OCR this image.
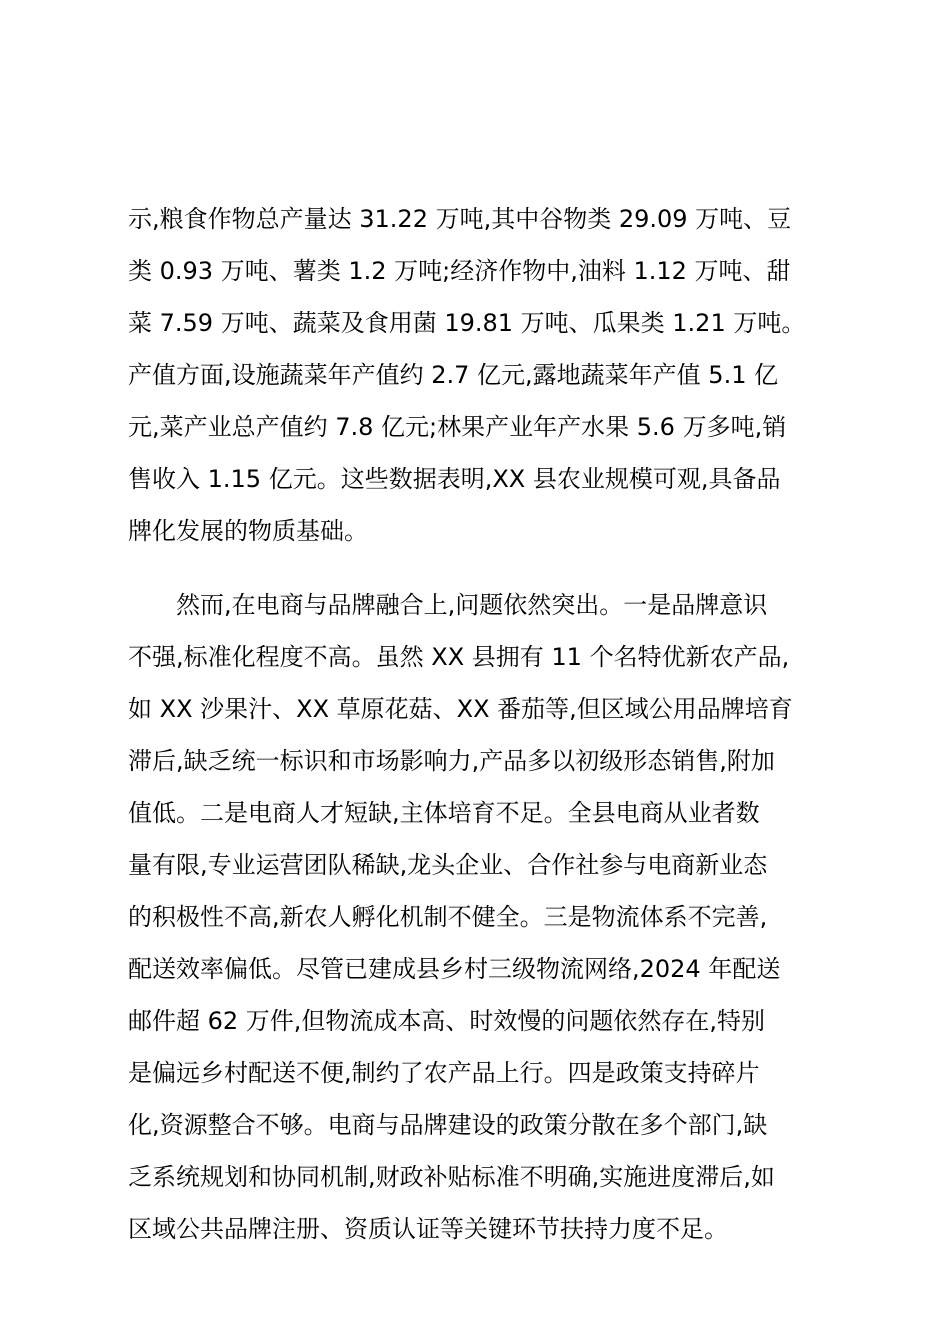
示,粮食作物总产量达 31.22 万吨,其中谷物类 29.09 万吨、豆
类 0.93 万吨、薯类 1.2 万吨;经济作物中,油料 1.12 万吨、甜
菜 7.59 万吨、蔬菜及食用菌 19.81 万吨、瓜果类 1.21 万吨。
产值方面,设施蔬菜年产值约 2.7 亿元,露地蔬菜年产值 5.1 亿
元,菜产业总产值约 7.8 亿元;林果产业年产水果 5.6 万多吨,销
售收入 1.15 亿元。这些数据表明,XX 县农业规模可观,具备品
牌化发展的物质基础。
　　然而,在电商与品牌融合上,问题依然突出。一是品牌意识
不强,标准化程度不高。虽然 XX 县拥有 11 个名特优新农产品,
如 XX 沙果汁、XX 草原花菇、XX 番茄等,但区域公用品牌培育
滞后,缺乏统一标识和市场影响力,产品多以初级形态销售,附加
值低。二是电商人才短缺,主体培育不足。全县电商从业者数
量有限,专业运营团队稀缺,龙头企业、合作社参与电商新业态
的积极性不高,新农人孵化机制不健全。三是物流体系不完善,
配送效率偏低。尽管已建成县乡村三级物流网络,2024 年配送
邮件超 62 万件,但物流成本高、时效慢的问题依然存在,特别
是偏远乡村配送不便,制约了农产品上行。四是政策支持碎片
化,资源整合不够。电商与品牌建设的政策分散在多个部门,缺
乏系统规划和协同机制,财政补贴标准不明确,实施进度滞后,如
区域公共品牌注册、资质认证等关键环节扶持力度不足。
